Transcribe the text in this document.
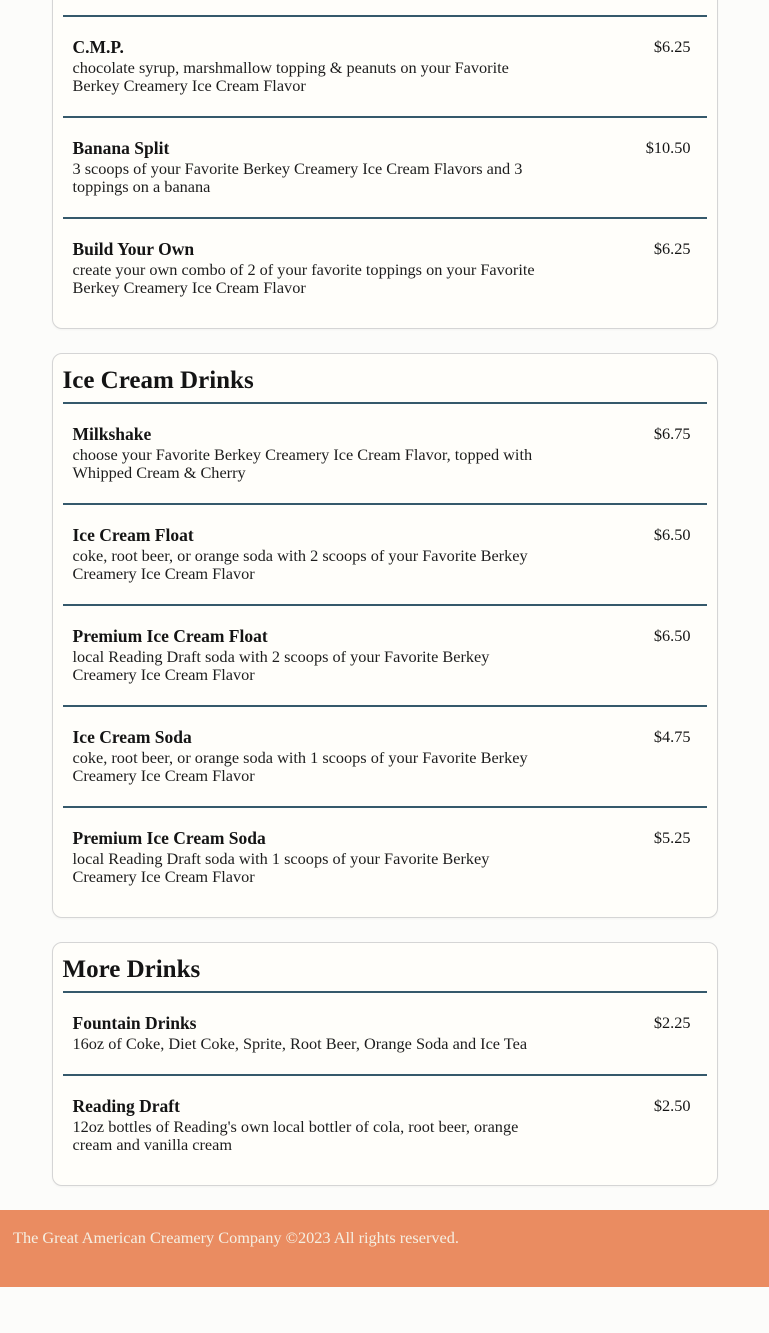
C.M.P.

chocolate syrup, marshmallow topping & peanuts on your Favorite Berkey Creamery Ice Cream Flavor

$6.25

Banana Split

3 scoops of your Favorite Berkey Creamery Ice Cream Flavors and 3 toppings on a banana

$10.50

Build Your Own

create your own combo of 2 of your favorite toppings on your Favorite Berkey Creamery Ice Cream Flavor

$6.25
Ice Cream Drinks

Milkshake

choose your Favorite Berkey Creamery Ice Cream Flavor, topped with Whipped Cream & Cherry

$6.75

Ice Cream Float

coke, root beer, or orange soda with 2 scoops of your Favorite Berkey Creamery Ice Cream Flavor

$6.50

Premium Ice Cream Float

local Reading Draft soda with 2 scoops of your Favorite Berkey Creamery Ice Cream Flavor

$6.50

Ice Cream Soda

coke, root beer, or orange soda with 1 scoops of your Favorite Berkey Creamery Ice Cream Flavor

$4.75

Premium Ice Cream Soda

local Reading Draft soda with 1 scoops of your Favorite Berkey Creamery Ice Cream Flavor

$5.25
More Drinks

Fountain Drinks

16oz of Coke, Diet Coke, Sprite, Root Beer, Orange Soda and Ice Tea

$2.25

Reading Draft

12oz bottles of Reading's own local bottler of cola, root beer, orange cream and vanilla cream

$2.50

The Great American Creamery Company ©2023 All rights reserved.
